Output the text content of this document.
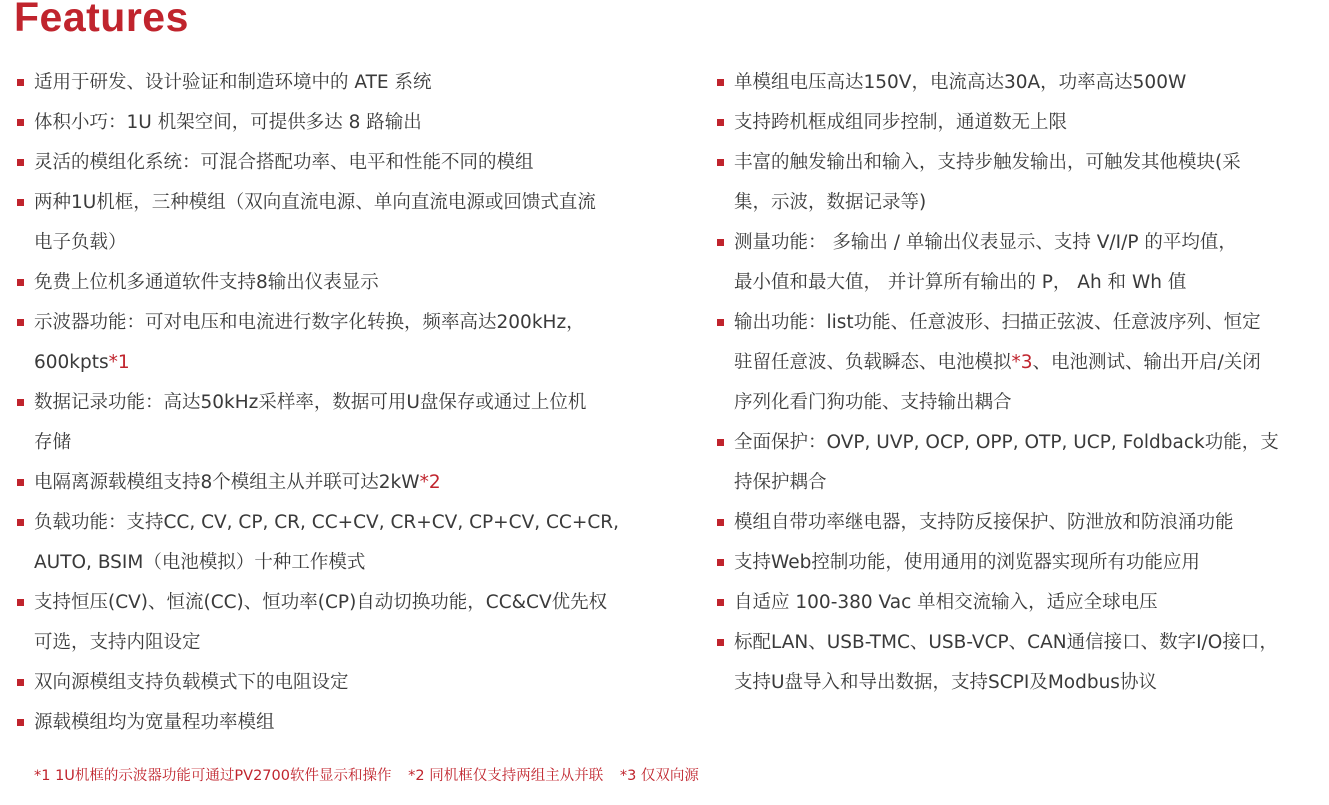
Features
适用于研发、设计验证和制造环境中的 ATE 系统
体积小巧：1U 机架空间，可提供多达 8 路输出
灵活的模组化系统：可混合搭配功率、电平和性能不同的模组
两种1U机框，三种模组（双向直流电源、单向直流电源或回馈式直流
电子负载）
免费上位机多通道软件支持8输出仪表显示
示波器功能：可对电压和电流进行数字化转换，频率高达200kHz，
600kpts*1
数据记录功能：高达50kHz采样率，数据可用U盘保存或通过上位机
存储
电隔离源载模组支持8个模组主从并联可达2kW*2
负载功能：支持CC, CV, CP, CR, CC+CV, CR+CV, CP+CV, CC+CR,
AUTO, BSIM（电池模拟）十种工作模式
支持恒压(CV)、恒流(CC)、恒功率(CP)自动切换功能，CC&CV优先权
可选，支持内阻设定
双向源模组支持负载模式下的电阻设定
源载模组均为宽量程功率模组
单模组电压高达150V，电流高达30A，功率高达500W
支持跨机框成组同步控制，通道数无上限
丰富的触发输出和输入，支持步触发输出，可触发其他模块(采
集，示波，数据记录等)
测量功能： 多输出 / 单输出仪表显示、支持 V/I/P 的平均值，
最小值和最大值， 并计算所有输出的 P， Ah 和 Wh 值
输出功能：list功能、任意波形、扫描正弦波、任意波序列、恒定
驻留任意波、负载瞬态、电池模拟*3、电池测试、输出开启/关闭
序列化看门狗功能、支持输出耦合
全面保护：OVP, UVP, OCP, OPP, OTP, UCP, Foldback功能，支
持保护耦合
模组自带功率继电器，支持防反接保护、防泄放和防浪涌功能
支持Web控制功能，使用通用的浏览器实现所有功能应用
自适应 100-380 Vac 单相交流输入，适应全球电压
标配LAN、USB-TMC、USB-VCP、CAN通信接口、数字I/O接口，
支持U盘导入和导出数据，支持SCPI及Modbus协议
*1 1U机框的示波器功能可通过PV2700软件显示和操作 *2 同机框仅支持两组主从并联 *3 仅双向源
